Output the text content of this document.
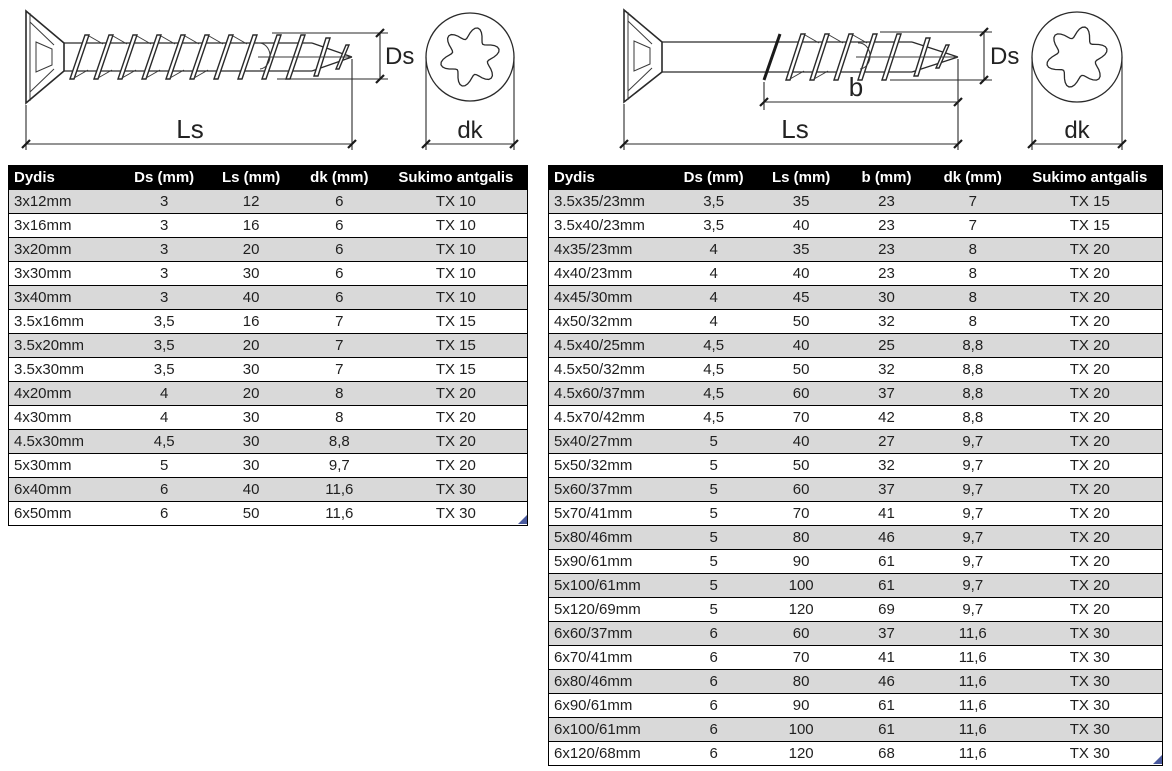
Ds
Ls	dk
Ds
b
Ls	dk
Dydis	Ds (mm)	Ls (mm)	dk (mm)	Sukimo antgalis
3x12mm	3	12	6	TX 10
3x16mm	3	16	6	TX 10
3x20mm	3	20	6	TX 10
3x30mm	3	30	6	TX 10
3x40mm	3	40	6	TX 10
3.5x16mm	3,5	16	7	TX 15
3.5x20mm	3,5	20	7	TX 15
3.5x30mm	3,5	30	7	TX 15
4x20mm	4	20	8	TX 20
4x30mm	4	30	8	TX 20
4.5x30mm	4,5	30	8,8	TX 20
5x30mm	5	30	9,7	TX 20
6x40mm	6	40	11,6	TX 30
6x50mm	6	50	11,6	TX 30
Dydis	Ds (mm)	Ls (mm)	b (mm)	dk (mm)	Sukimo antgalis
3.5x35/23mm	3,5	35	23	7	TX 15
3.5x40/23mm	3,5	40	23	7	TX 15
4x35/23mm	4	35	23	8	TX 20
4x40/23mm	4	40	23	8	TX 20
4x45/30mm	4	45	30	8	TX 20
4x50/32mm	4	50	32	8	TX 20
4.5x40/25mm	4,5	40	25	8,8	TX 20
4.5x50/32mm	4,5	50	32	8,8	TX 20
4.5x60/37mm	4,5	60	37	8,8	TX 20
4.5x70/42mm	4,5	70	42	8,8	TX 20
5x40/27mm	5	40	27	9,7	TX 20
5x50/32mm	5	50	32	9,7	TX 20
5x60/37mm	5	60	37	9,7	TX 20
5x70/41mm	5	70	41	9,7	TX 20
5x80/46mm	5	80	46	9,7	TX 20
5x90/61mm	5	90	61	9,7	TX 20
5x100/61mm	5	100	61	9,7	TX 20
5x120/69mm	5	120	69	9,7	TX 20
6x60/37mm	6	60	37	11,6	TX 30
6x70/41mm	6	70	41	11,6	TX 30
6x80/46mm	6	80	46	11,6	TX 30
6x90/61mm	6	90	61	11,6	TX 30
6x100/61mm	6	100	61	11,6	TX 30
6x120/68mm	6	120	68	11,6	TX 30
